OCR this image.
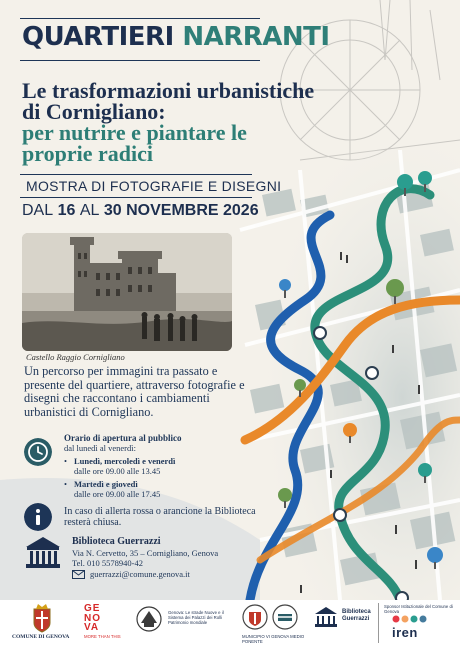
QUARTIERI NARRANTI
Le trasformazioni urbanistiche di Cornigliano:
per nutrire e piantare le proprie radici
MOSTRA DI FOTOGRAFIE E DISEGNI
DAL 16 AL 30 NOVEMBRE 2026
Castello Raggio Cornigliano
Un percorso per immagini tra passato e presente del quartiere, attraverso fotografie e disegni che raccontano i cambiamenti urbanistici di Cornigliano.
Orario di apertura al pubblico
dal lunedì al venerdì:
• Lunedì, mercoledì e venerdì
dalle ore 09.00 alle 13.45
• Martedì e giovedì
dalle ore 09.00 alle 17.45
In caso di allerta rossa o arancione la Biblioteca resterà chiusa.
Biblioteca Guerrazzi
Via N. Cervetto, 35 – Cornigliano, Genova
Tel. 010 5578940-42
guerrazzi@comune.genova.it
COMUNE DI GENOVA
GE
NO
VA
MORE THAN THIS
Genova: Le strade Nuove e il Sistema dei Palazzi dei Rolli Patrimonio mondiale
MUNICIPIO VI GENOVA MEDIO PONENTE
Biblioteca
Guerrazzi
Sponsor Istituzionale del Comune di Genova
iren
